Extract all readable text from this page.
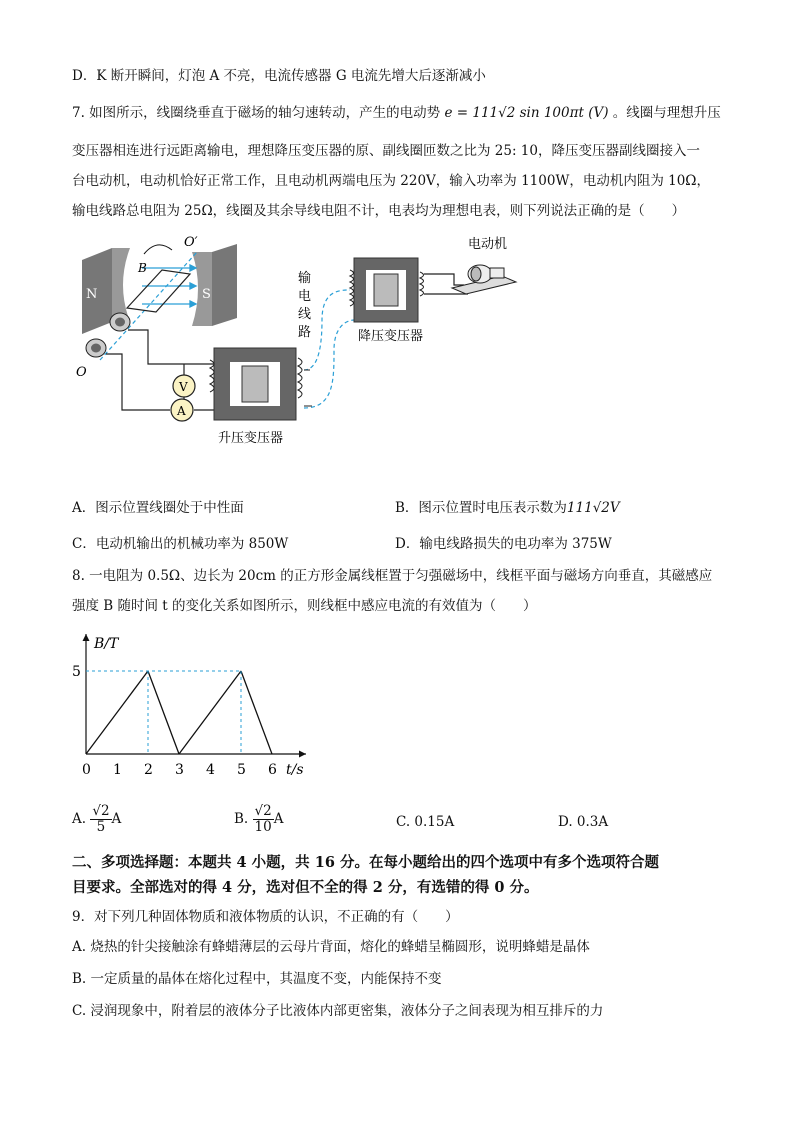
D．K 断开瞬间，灯泡 A 不亮，电流传感器 G 电流先增大后逐渐减小
7. 如图所示，线圈绕垂直于磁场的轴匀速转动，产生的电动势 e = 111√2 sin 100πt (V) 。线圈与理想升压
变压器相连进行远距离输电，理想降压变压器的原、副线圈匝数之比为 25: 10，降压变压器副线圈接入一
台电动机，电动机恰好正常工作，且电动机两端电压为 220V，输入功率为 1100W，电动机内阻为 10Ω，
输电线路总电阻为 25Ω，线圈及其余导线电阻不计，电表均为理想电表，则下列说法正确的是（　　）
N	S
B
O′
O
V
A
升压变压器
输
电
线
路	降压变压器
电动机
A．图示位置线圈处于中性面	B．图示位置时电压表示数为111√2V
C．电动机输出的机械功率为 850W	D．输电线路损失的电功率为 375W
8. 一电阻为 0.5Ω、边长为 20cm 的正方形金属线框置于匀强磁场中，线框平面与磁场方向垂直，其磁感应
强度 B 随时间 t 的变化关系如图所示，则线框中感应电流的有效值为（　　）
B/T
t/s
0 1 2 3 4 5 6
5
A. $\frac{√2}{5}$ A	B. $\frac{√2}{10}$ A	C. 0.15A	D. 0.3A
二、多项选择题：本题共 4 小题，共 16 分。在每小题给出的四个选项中有多个选项符合题
目要求。全部选对的得 4 分，选对但不全的得 2 分，有选错的得 0 分。
9．对下列几种固体物质和液体物质的认识，不正确的有（　　）
A. 烧热的针尖接触涂有蜂蜡薄层的云母片背面，熔化的蜂蜡呈椭圆形，说明蜂蜡是晶体
B. 一定质量的晶体在熔化过程中，其温度不变，内能保持不变
C. 浸润现象中，附着层的液体分子比液体内部更密集，液体分子之间表现为相互排斥的力
